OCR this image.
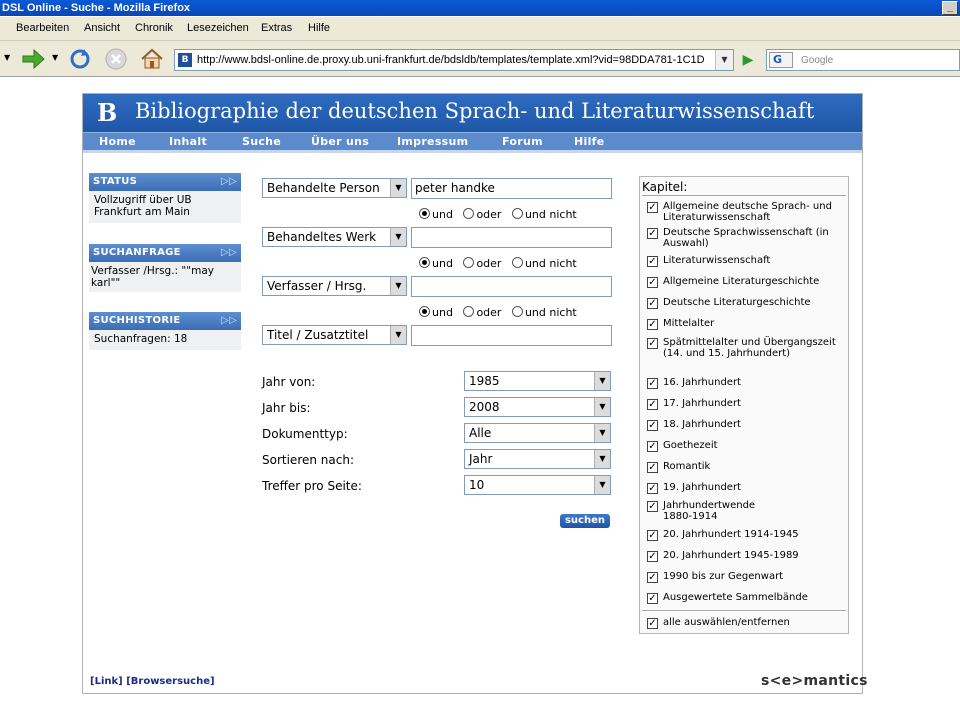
DSL Online - Suche - Mozilla Firefox	_
Bearbeiten Ansicht Chronik Lesezeichen Extras Hilfe
▼	▼	B http://www.bdsl-online.de.proxy.ub.uni-frankfurt.de/bdsldb/templates/template.xml?vid=98DDA781-1C1D	▼	▶	G	Google
B Bibliographie der deutschen Sprach- und Literaturwissenschaft
Home	Inhalt	Suche	Über uns	Impressum	Forum	Hilfe
STATUS	▷▷
Vollzugriff über UB Frankfurt am Main
SUCHANFRAGE	▷▷
Verfasser /Hrsg.: ""may karl""
SUCHHISTORIE	▷▷
Suchanfragen: 18
Behandelte Person	▼	peter handke
und oder und nicht
Behandeltes Werk	▼
und oder und nicht
Verfasser / Hrsg.	▼
und oder und nicht
Titel / Zusatztitel	▼
Jahr von:	1985	▼
Jahr bis:	2008	▼
Dokumenttyp:	Alle	▼
Sortieren nach:	Jahr	▼
Treffer pro Seite:	10	▼
suchen
Kapitel:
✓ Allgemeine deutsche Sprach- und Literaturwissenschaft
✓ Deutsche Sprachwissenschaft (in Auswahl)
✓ Literaturwissenschaft
✓ Allgemeine Literaturgeschichte
✓ Deutsche Literaturgeschichte
✓ Mittelalter
✓ Spätmittelalter und Übergangszeit (14. und 15. Jahrhundert)
✓ 16. Jahrhundert
✓ 17. Jahrhundert
✓ 18. Jahrhundert
✓ Goethezeit
✓ Romantik
✓ 19. Jahrhundert
✓ Jahrhundertwende 1880-1914
✓ 20. Jahrhundert 1914-1945
✓ 20. Jahrhundert 1945-1989
✓ 1990 bis zur Gegenwart
✓ Ausgewertete Sammelbände
✓ alle auswählen/entfernen
[Link] [Browsersuche]	s<e>mantics
